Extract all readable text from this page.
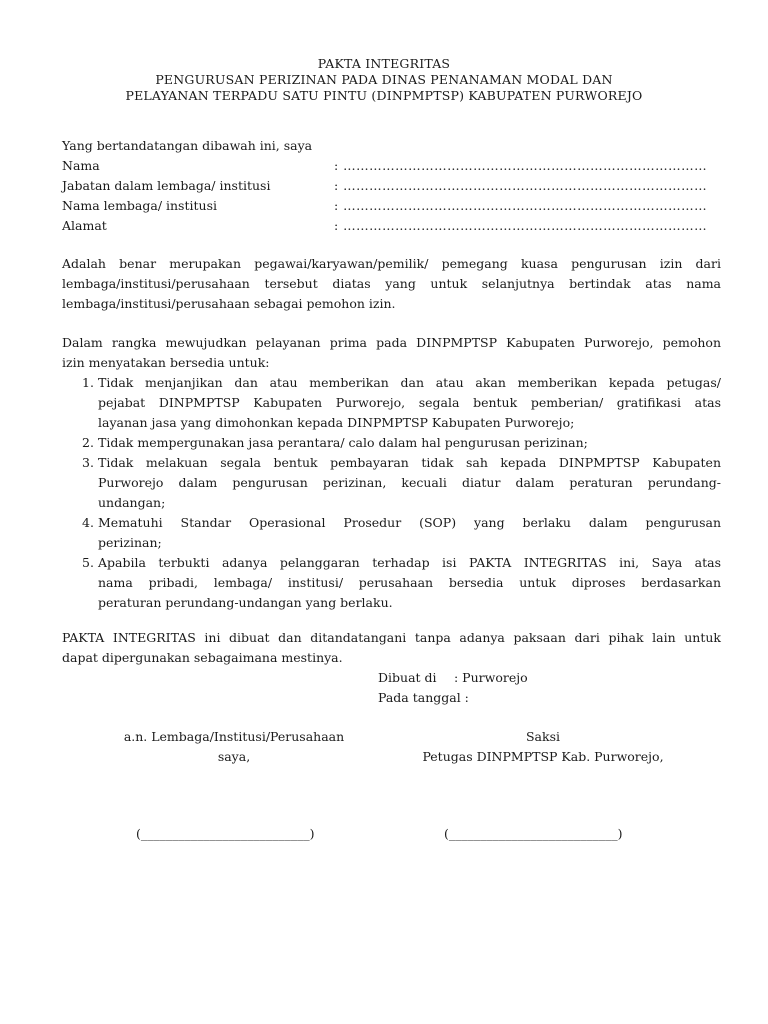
PAKTA INTEGRITAS
PENGURUSAN PERIZINAN PADA DINAS PENANAMAN MODAL DAN
PELAYANAN TERPADU SATU PINTU (DINPMPTSP) KABUPATEN PURWOREJO
Yang bertandatangan dibawah ini, saya
Nama	: …………………………………………………………………………
Jabatan dalam lembaga/ institusi	: …………………………………………………………………………
Nama lembaga/ institusi	: …………………………………………………………………………
Alamat	: …………………………………………………………………………
Adalah benar merupakan pegawai/karyawan/pemilik/ pemegang kuasa pengurusan izin dari
lembaga/institusi/perusahaan tersebut diatas yang untuk selanjutnya bertindak atas nama
lembaga/institusi/perusahaan sebagai pemohon izin.
Dalam rangka mewujudkan pelayanan prima pada DINPMPTSP Kabupaten Purworejo, pemohon
izin menyatakan bersedia untuk:
1. Tidak menjanjikan dan atau memberikan dan atau akan memberikan kepada petugas/
pejabat DINPMPTSP Kabupaten Purworejo, segala bentuk pemberian/ gratifikasi atas
layanan jasa yang dimohonkan kepada DINPMPTSP Kabupaten Purworejo;
2. Tidak mempergunakan jasa perantara/ calo dalam hal pengurusan perizinan;
3. Tidak melakuan segala bentuk pembayaran tidak sah kepada DINPMPTSP Kabupaten
Purworejo dalam pengurusan perizinan, kecuali diatur dalam peraturan perundang-
undangan;
4. Mematuhi Standar Operasional Prosedur (SOP) yang berlaku dalam pengurusan
perizinan;
5. Apabila terbukti adanya pelanggaran terhadap isi PAKTA INTEGRITAS ini, Saya atas
nama pribadi, lembaga/ institusi/ perusahaan bersedia untuk diproses berdasarkan
peraturan perundang-undangan yang berlaku.
PAKTA INTEGRITAS ini dibuat dan ditandatangani tanpa adanya paksaan dari pihak lain untuk
dapat dipergunakan sebagaimana mestinya.
Dibuat di : Purworejo
Pada tanggal :
a.n. Lembaga/Institusi/Perusahaan
saya,
Saksi
Petugas DINPMPTSP Kab. Purworejo,
(___________________________)	(___________________________)
